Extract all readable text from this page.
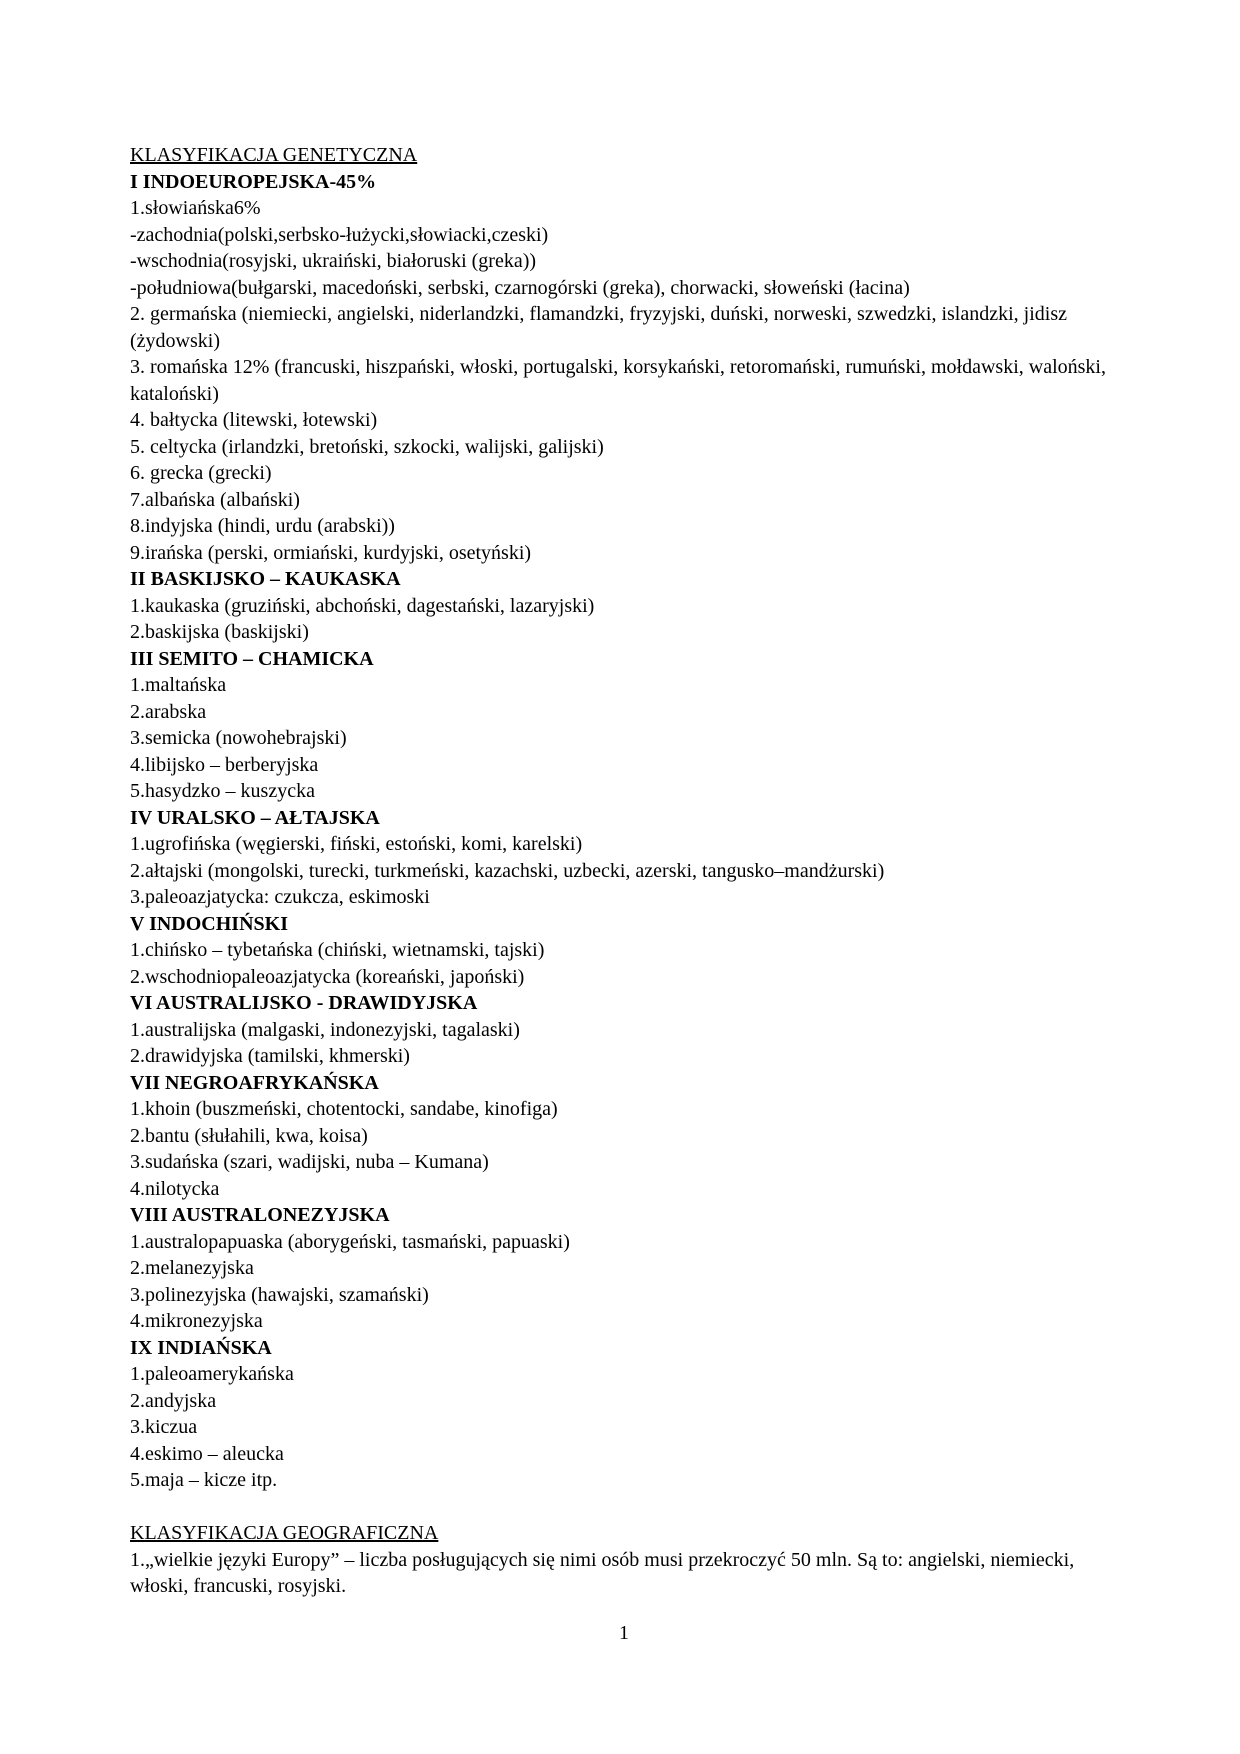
KLASYFIKACJA GENETYCZNA
I INDOEUROPEJSKA-45%
1.słowiańska6%
-zachodnia(polski,serbsko-łużycki,słowiacki,czeski)
-wschodnia(rosyjski, ukraiński, białoruski (greka))
-południowa(bułgarski, macedoński, serbski, czarnogórski (greka), chorwacki, słoweński (łacina)
2. germańska (niemiecki, angielski, niderlandzki, flamandzki, fryzyjski, duński, norweski, szwedzki, islandzki, jidisz (żydowski)
3. romańska 12% (francuski, hiszpański, włoski, portugalski, korsykański, retoromański, rumuński, mołdawski, waloński, kataloński)
4. bałtycka (litewski, łotewski)
5. celtycka (irlandzki, bretoński, szkocki, walijski, galijski)
6. grecka (grecki)
7.albańska (albański)
8.indyjska (hindi, urdu (arabski))
9.irańska (perski, ormiański, kurdyjski, osetyński)
II BASKIJSKO – KAUKASKA
1.kaukaska (gruziński, abchoński, dagestański, lazaryjski)
2.baskijska (baskijski)
III SEMITO – CHAMICKA
1.maltańska
2.arabska
3.semicka (nowohebrajski)
4.libijsko – berberyjska
5.hasydzko – kuszycka
IV URALSKO – AŁTAJSKA
1.ugrofińska (węgierski, fiński, estoński, komi, karelski)
2.ałtajski (mongolski, turecki, turkmeński, kazachski, uzbecki, azerski, tangusko–mandżurski)
3.paleoazjatycka: czukcza, eskimoski
V INDOCHIŃSKI
1.chińsko – tybetańska (chiński, wietnamski, tajski)
2.wschodniopaleoazjatycka (koreański, japoński)
VI AUSTRALIJSKO - DRAWIDYJSKA
1.australijska (malgaski, indonezyjski, tagalaski)
2.drawidyjska (tamilski, khmerski)
VII NEGROAFRYKAŃSKA
1.khoin (buszmeński, chotentocki, sandabe, kinofiga)
2.bantu (słułahili, kwa, koisa)
3.sudańska (szari, wadijski, nuba – Kumana)
4.nilotycka
VIII AUSTRALONEZYJSKA
1.australopapuaska (aborygeński, tasmański, papuaski)
2.melanezyjska
3.polinezyjska (hawajski, szamański)
4.mikronezyjska
IX INDIAŃSKA
1.paleoamerykańska
2.andyjska
3.kiczua
4.eskimo – aleucka
5.maja – kicze itp.

KLASYFIKACJA GEOGRAFICZNA
1.„wielkie języki Europy” – liczba posługujących się nimi osób musi przekroczyć 50 mln. Są to: angielski, niemiecki, włoski, francuski, rosyjski.
1
